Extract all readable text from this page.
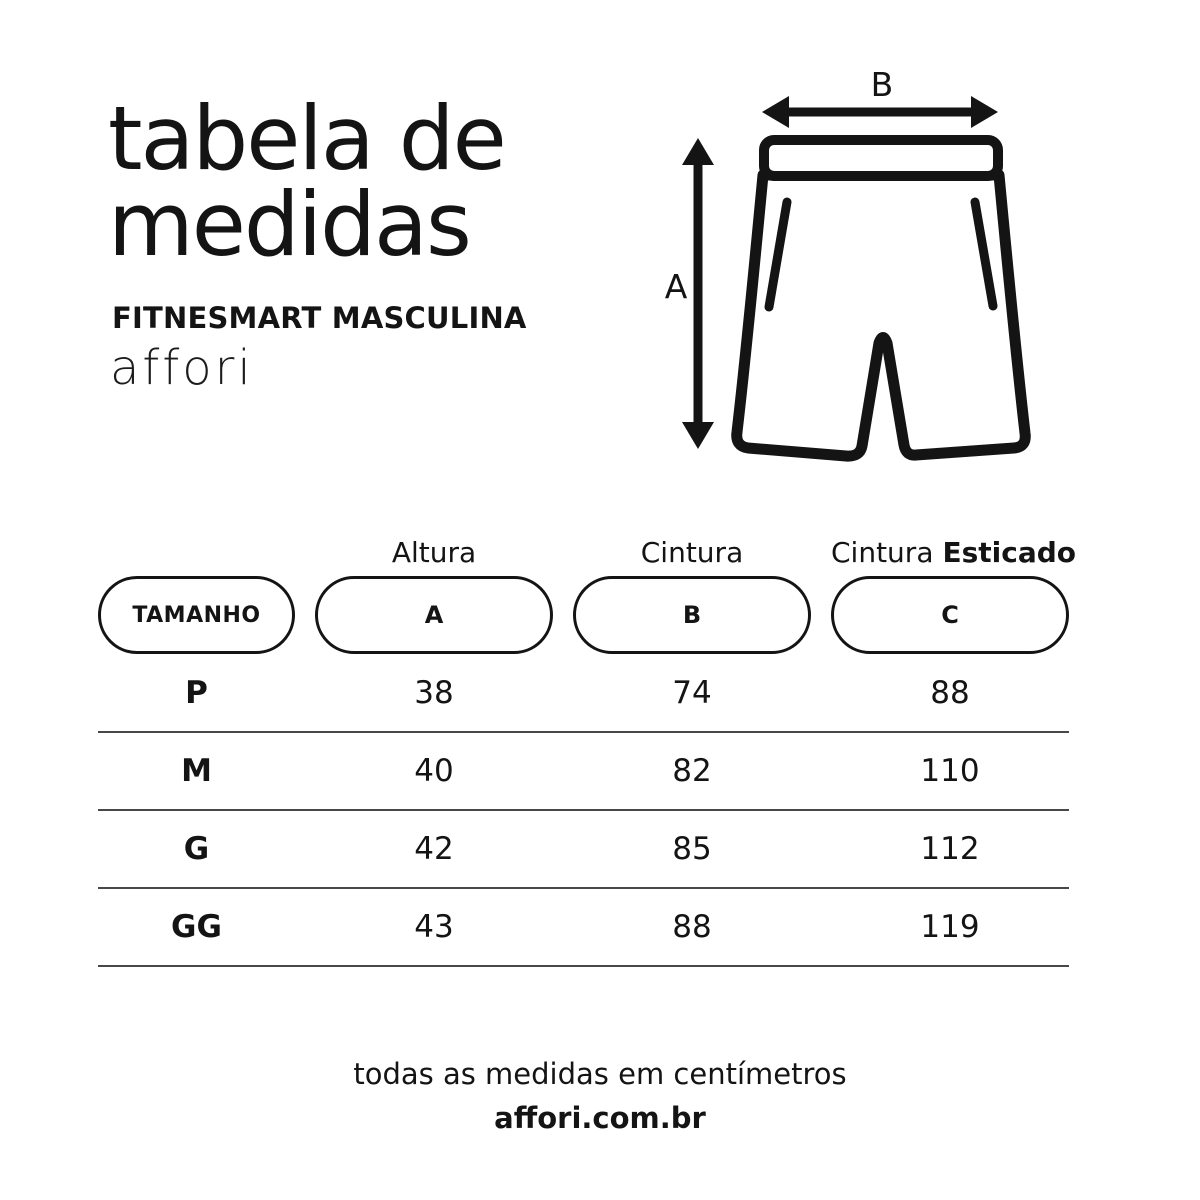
tabela de
medidas
FITNESMART MASCULINA
affori
B
A
Altura	Cintura	Cintura Esticado
TAMANHO	A	B	C
P	38	74	88
M	40	82	110
G	42	85	112
GG	43	88	119
todas as medidas em centímetros
affori.com.br
